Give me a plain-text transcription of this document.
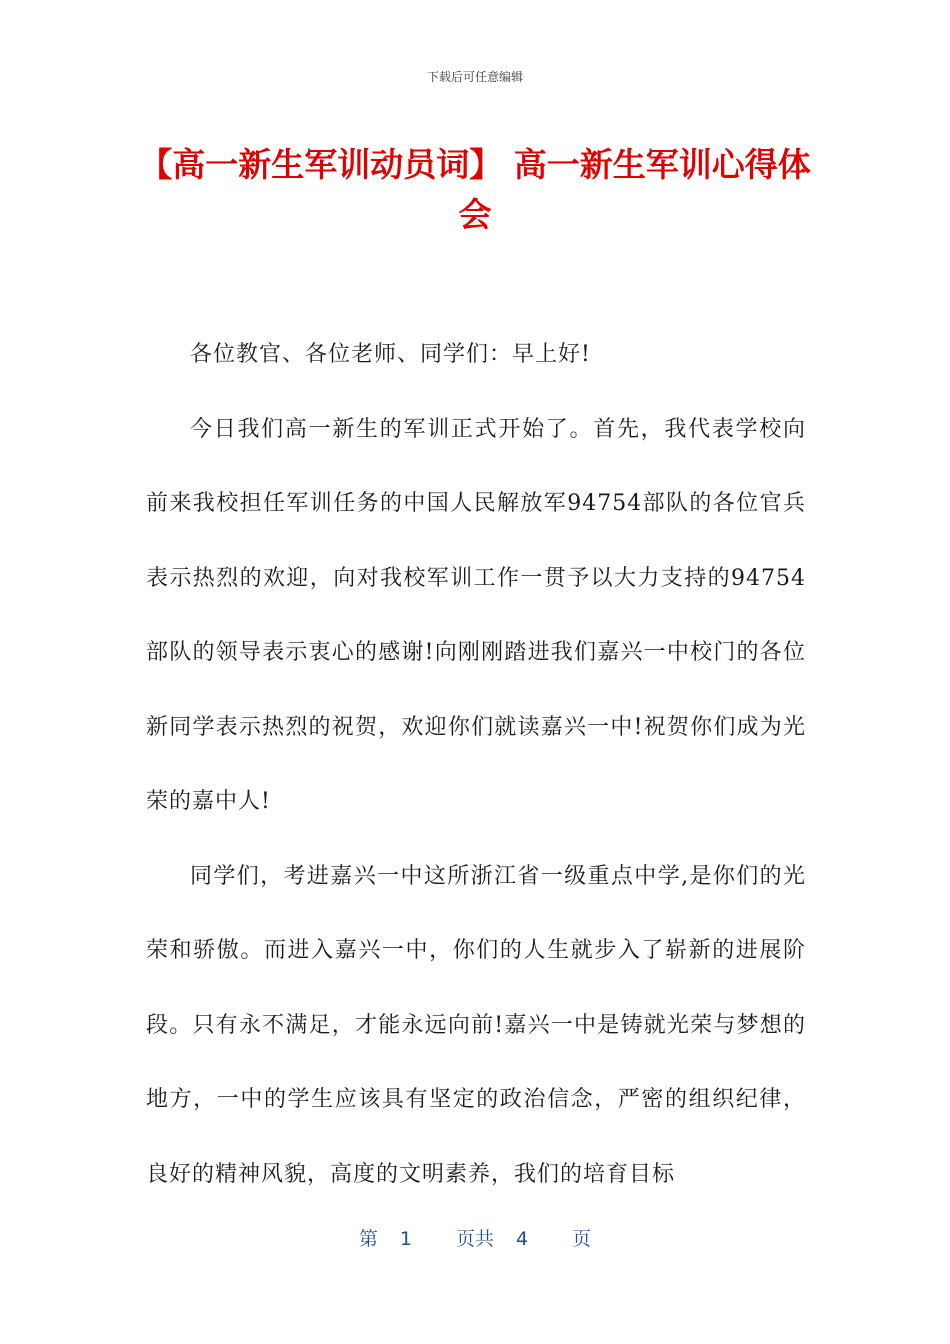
下载后可任意编辑
【高一新生军训动员词】 高一新生军训心得体会

各位教官、各位老师、同学们：早上好!

今日我们高一新生的军训正式开始了。首先，我代表学校向前来我校担任军训任务的中国人民解放军94754部队的各位官兵表示热烈的欢迎，向对我校军训工作一贯予以大力支持的94754部队的领导表示衷心的感谢!向刚刚踏进我们嘉兴一中校门的各位新同学表示热烈的祝贺，欢迎你们就读嘉兴一中!祝贺你们成为光荣的嘉中人!

同学们，考进嘉兴一中这所浙江省一级重点中学,是你们的光荣和骄傲。而进入嘉兴一中，你们的人生就步入了崭新的进展阶段。只有永不满足，才能永远向前!嘉兴一中是铸就光荣与梦想的地方，一中的学生应该具有坚定的政治信念，严密的组织纪律，良好的精神风貌，高度的文明素养，我们的培育目标

第 1 页共 4 页
